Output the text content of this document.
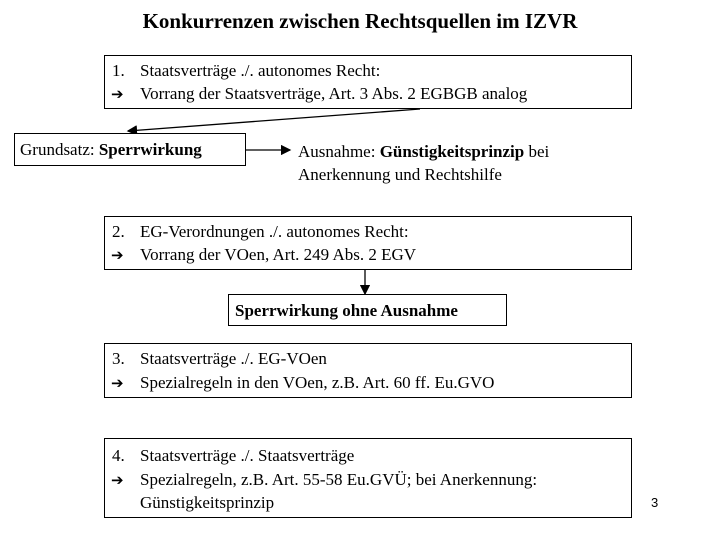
Konkurrenzen zwischen Rechtsquellen im IZVR
1. Staatsverträge ./. autonomes Recht:
➔ Vorrang der Staatsverträge, Art. 3 Abs. 2 EGBGB analog
Grundsatz: Sperrwirkung	Ausnahme: Günstigkeitsprinzip bei
Anerkennung und Rechtshilfe
2. EG-Verordnungen ./. autonomes Recht:
➔ Vorrang der VOen, Art. 249 Abs. 2 EGV
Sperrwirkung ohne Ausnahme
3. Staatsverträge ./. EG-VOen
➔ Spezialregeln in den VOen, z.B. Art. 60 ff. Eu.GVO
4. Staatsverträge ./. Staatsverträge
➔ Spezialregeln, z.B. Art. 55-58 Eu.GVÜ; bei Anerkennung:
Günstigkeitsprinzip	3
